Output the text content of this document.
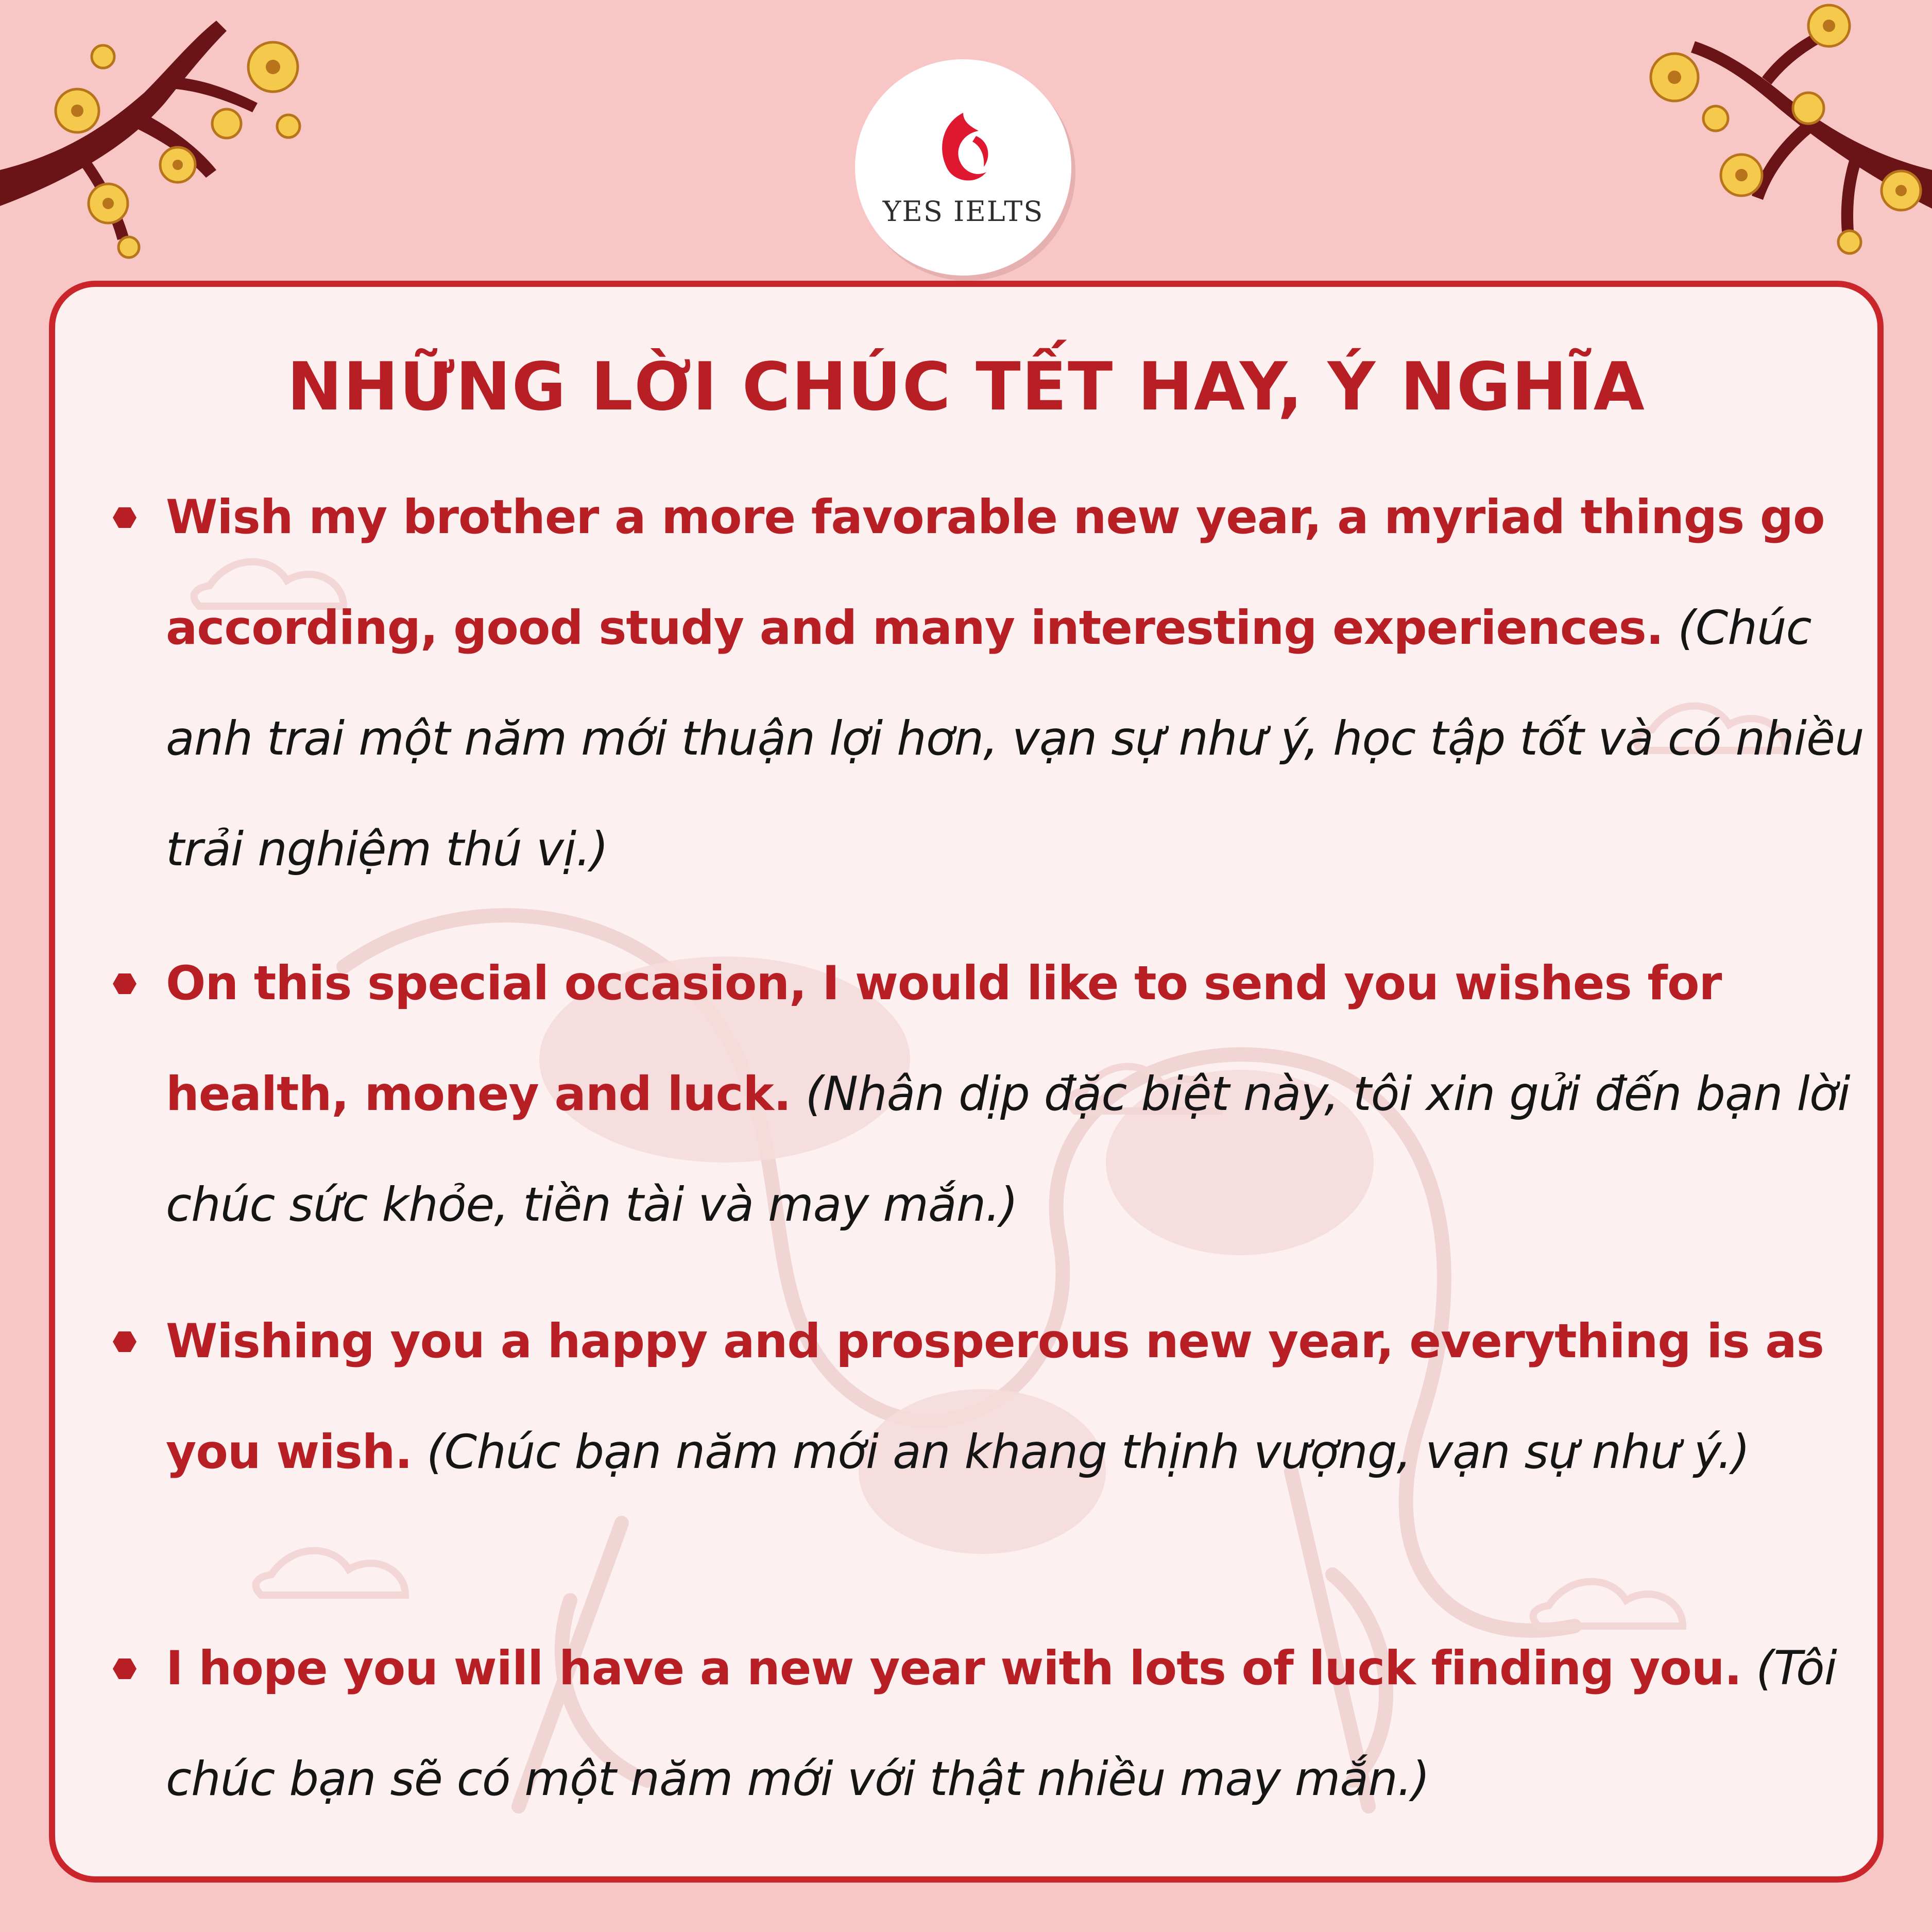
YES IELTS
NHỮNG LỜI CHÚC TẾT HAY, Ý NGHĨA

Wish my brother a more favorable new year, a myriad things go according, good study and many interesting experiences. (Chúc anh trai một năm mới thuận lợi hơn, vạn sự như ý, học tập tốt và có nhiều trải nghiệm thú vị.)

On this special occasion, I would like to send you wishes for health, money and luck. (Nhân dịp đặc biệt này, tôi xin gửi đến bạn lời chúc sức khỏe, tiền tài và may mắn.)

Wishing you a happy and prosperous new year, everything is as you wish. (Chúc bạn năm mới an khang thịnh vượng, vạn sự như ý.)

I hope you will have a new year with lots of luck finding you. (Tôi chúc bạn sẽ có một năm mới với thật nhiều may mắn.)
